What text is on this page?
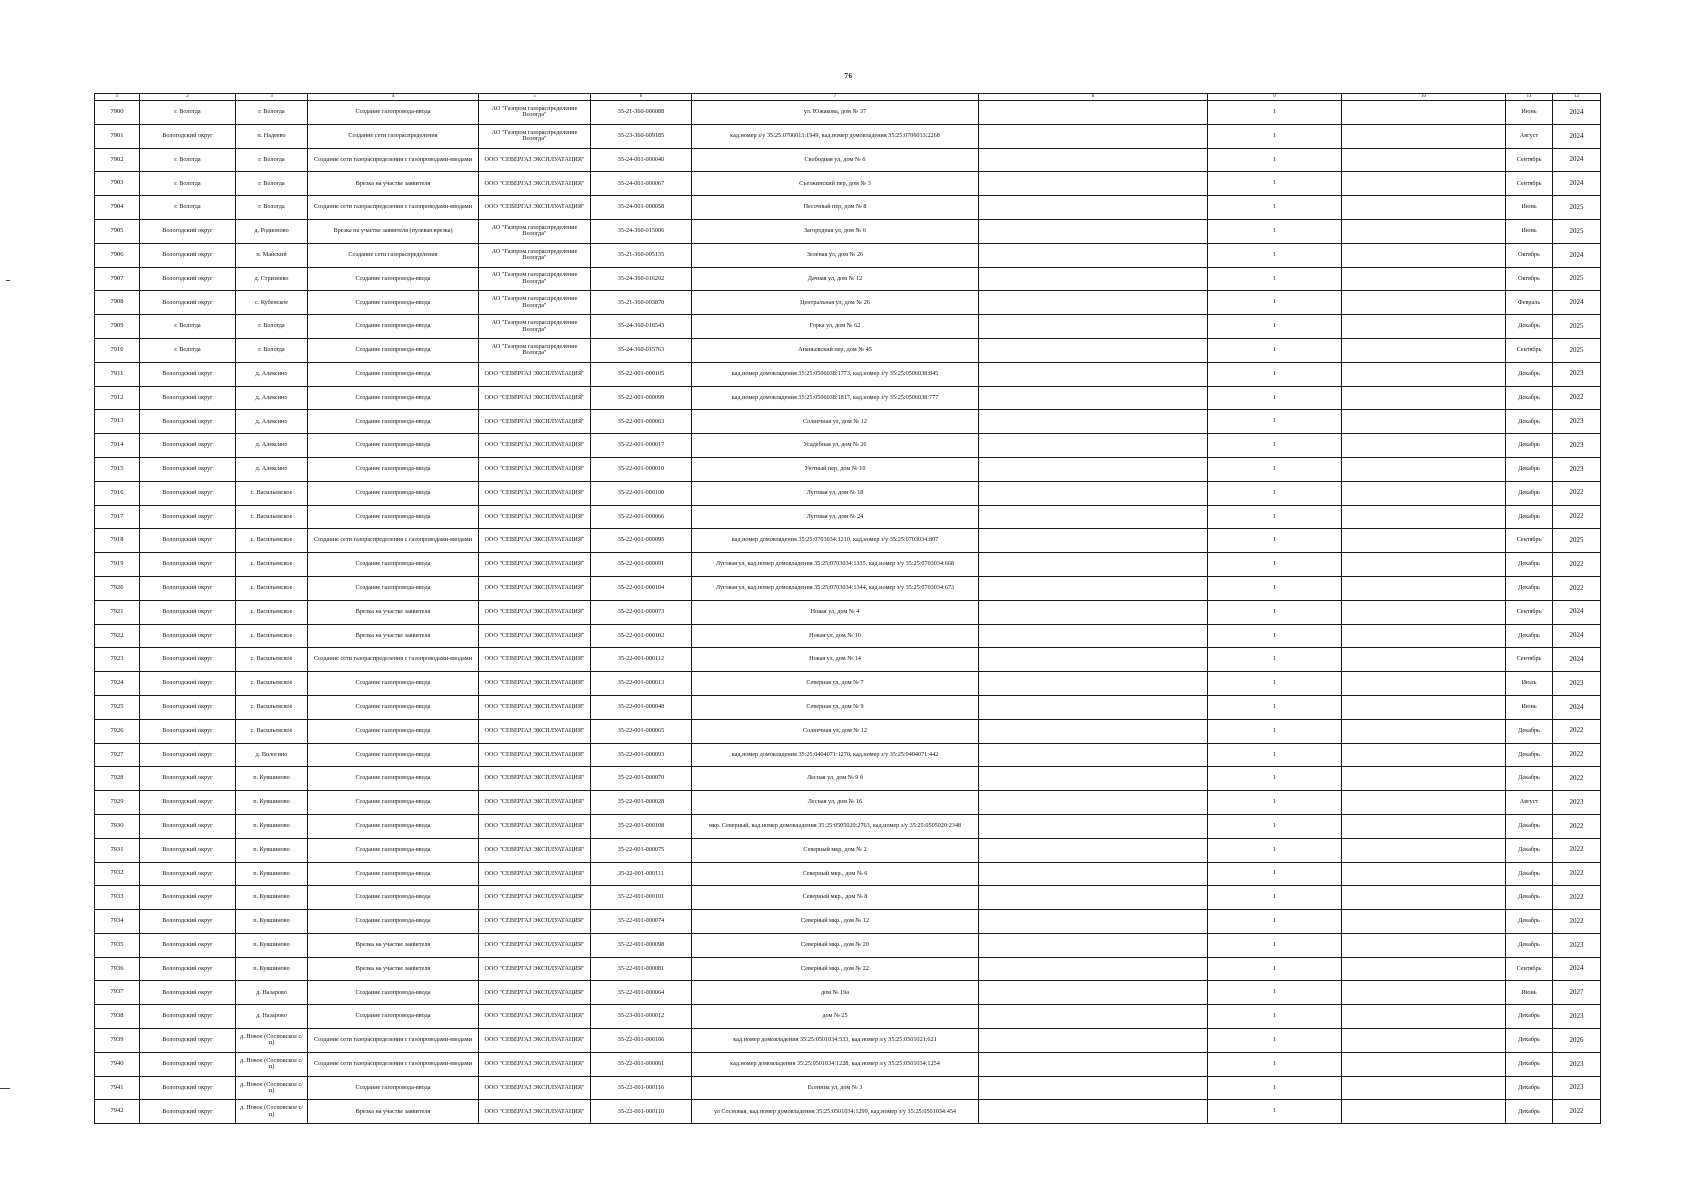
76
1	2	3	4	5	6	7	8	9	10	11	12
7900	г. Вологда	г. Вологда	Создание газопровода-ввода	АО "Газпром газораспределение Вологда"	35-21-360-006088	ул. Южакова, дом № 37		1		Июнь	2024
7901	Вологодский округ	п. Надеево	Создание сети газораспределения	АО "Газпром газораспределение Вологда"	35-23-360-009185	кад.номер з/у 35:25:0706013:1949, кад.номер домовладения 35:25:0706013:2268		1		Август	2024
7902	г. Вологда	г. Вологда	Создание сети газораспределения с газопроводами-вводами	ООО "СЕВЕРГАЗ ЭКСПЛУАТАЦИЯ"	35-24-001-000040	Свободная ул, дом № 6		1		Сентябрь	2024
7903	г. Вологда	г. Вологда	Врезка на участке заявителя	ООО "СЕВЕРГАЗ ЭКСПЛУАТАЦИЯ"	35-24-001-000067	Съезжинский пер, дом № 3		1		Сентябрь	2024
7904	г. Вологда	г. Вологда	Создание сети газораспределения с газопроводами-вводами	ООО "СЕВЕРГАЗ ЭКСПЛУАТАЦИЯ"	35-24-001-000058	Песочный пер, дом № 8		1		Июнь	2025
7905	Вологодский округ	д. Родионово	Врезка на участке заявителя (нулевая врезка)	АО "Газпром газораспределение Вологда"	35-24-360-015006	Загородная ул, дом № 6		1		Июнь	2025
7906	Вологодский округ	п. Майский	Создание сети газораспределения	АО "Газпром газораспределение Вологда"	35-21-360-005135	Зеленая ул, дом № 26		1		Октябрь	2024
7907	Вологодский округ	д. Стризнево	Создание газопровода-ввода	АО "Газпром газораспределение Вологда"	35-24-360-016202	Дачная ул, дом № 12		1		Октябрь	2025
7908	Вологодский округ	с. Кубенское	Создание газопровода-ввода	АО "Газпром газораспределение Вологда"	35-21-360-003870	Центральная ул, дом № 26		1		Февраль	2024
7909	г. Вологда	г. Вологда	Создание газопровода-ввода	АО "Газпром газораспределение Вологда"	35-24-360-016543	Горка ул, дом № 62		1		Декабрь	2025
7910	г. Вологда	г. Вологда	Создание газопровода-ввода	АО "Газпром газораспределение Вологда"	35-24-360-015763	Ананьевский пер, дом № 45		1		Сентябрь	2025
7911	Вологодский округ	д. Алексино	Создание газопровода-ввода	ООО "СЕВЕРГАЗ ЭКСПЛУАТАЦИЯ"	35-22-001-000105	кад.номер домовладения 35:25:0506038:1773, кад.номер з/у 35:25:0506038:845		1		Декабрь	2023
7912	Вологодский округ	д. Алексино	Создание газопровода-ввода	ООО "СЕВЕРГАЗ ЭКСПЛУАТАЦИЯ"	35-22-001-000099	кад.номер домовладения 35:25:0506038:1817, кад.номер з/у 35:25:0506038:777		1		Декабрь	2022
7913	Вологодский округ	д. Алексино	Создание газопровода-ввода	ООО "СЕВЕРГАЗ ЭКСПЛУАТАЦИЯ"	35-22-001-000063	Солнечная ул, дом № 12		1		Декабрь	2023
7914	Вологодский округ	д. Алексино	Создание газопровода-ввода	ООО "СЕВЕРГАЗ ЭКСПЛУАТАЦИЯ"	35-22-001-000017	Усадебная ул, дом № 26		1		Декабрь	2023
7915	Вологодский округ	д. Алексино	Создание газопровода-ввода	ООО "СЕВЕРГАЗ ЭКСПЛУАТАЦИЯ"	35-22-001-000010	Уютный пер, дом № 10		1		Декабрь	2023
7916	Вологодский округ	с. Васильевское	Создание газопровода-ввода	ООО "СЕВЕРГАЗ ЭКСПЛУАТАЦИЯ"	35-22-001-000100	Луговая ул, дом № 18		1		Декабрь	2022
7917	Вологодский округ	с. Васильевское	Создание газопровода-ввода	ООО "СЕВЕРГАЗ ЭКСПЛУАТАЦИЯ"	35-22-001-000066	Луговая ул, дом № 24		1		Декабрь	2022
7918	Вологодский округ	с. Васильевское	Создание сети газораспределения с газопроводами-вводами	ООО "СЕВЕРГАЗ ЭКСПЛУАТАЦИЯ"	35-22-001-000095	кад.номер домовладения 35:25:0703034:1210, кад.номер з/у 35:25:0703034:807		1		Сентябрь	2025
7919	Вологодский округ	с. Васильевское	Создание газопровода-ввода	ООО "СЕВЕРГАЗ ЭКСПЛУАТАЦИЯ"	35-22-001-000091	Луговая ул, кад.номер домовладения 35:25:0703034:1335, кад.номер з/у 35:25:0703034:668		1		Декабрь	2022
7920	Вологодский округ	с. Васильевское	Создание газопровода-ввода	ООО "СЕВЕРГАЗ ЭКСПЛУАТАЦИЯ"	35-22-001-000104	Луговая ул, кад.номер домовладения 35:25:0703034:1344, кад.номер з/у 35:25:0703034:673		1		Декабрь	2022
7921	Вологодский округ	с. Васильевское	Врезка на участке заявителя	ООО "СЕВЕРГАЗ ЭКСПЛУАТАЦИЯ"	35-22-001-000073	Новая ул, дом № 4		1		Сентябрь	2024
7922	Вологодский округ	с. Васильевское	Врезка на участке заявителя	ООО "СЕВЕРГАЗ ЭКСПЛУАТАЦИЯ"	35-22-001-000102	Новая ул, дом № 10		1		Декабрь	2024
7923	Вологодский округ	с. Васильевское	Создание сети газораспределения с газопроводами-вводами	ООО "СЕВЕРГАЗ ЭКСПЛУАТАЦИЯ"	35-22-001-000112	Новая ул, дом № 14		1		Сентябрь	2024
7924	Вологодский округ	с. Васильевское	Создание газопровода-ввода	ООО "СЕВЕРГАЗ ЭКСПЛУАТАЦИЯ"	35-22-001-000013	Северная ул, дом № 7		1		Июль	2023
7925	Вологодский округ	с. Васильевское	Создание газопровода-ввода	ООО "СЕВЕРГАЗ ЭКСПЛУАТАЦИЯ"	35-22-001-000048	Северная ул, дом № 9		1		Июнь	2024
7926	Вологодский округ	с. Васильевское	Создание газопровода-ввода	ООО "СЕВЕРГАЗ ЭКСПЛУАТАЦИЯ"	35-22-001-000065	Солнечная ул, дом № 12		1		Декабрь	2022
7927	Вологодский округ	д. Вологино	Создание газопровода-ввода	ООО "СЕВЕРГАЗ ЭКСПЛУАТАЦИЯ"	35-22-001-000093	кад.номер домовладения 35:25:0404071:1270, кад.номер з/у 35:25:0404071:442		1		Декабрь	2022
7928	Вологодский округ	п. Кувшиново	Создание газопровода-ввода	ООО "СЕВЕРГАЗ ЭКСПЛУАТАЦИЯ"	35-22-001-000070	Лесная ул, дом № 9 б		1		Декабрь	2022
7929	Вологодский округ	п. Кувшиново	Создание газопровода-ввода	ООО "СЕВЕРГАЗ ЭКСПЛУАТАЦИЯ"	35-22-001-000028	Лесная ул, дом № 16		1		Август	2023
7930	Вологодский округ	п. Кувшиново	Создание газопровода-ввода	ООО "СЕВЕРГАЗ ЭКСПЛУАТАЦИЯ"	35-22-001-000108	мкр. Северный, кад.номер домовладения 35:25:0505020:2763, кад.номер з/у 35:25:0505020:2348		1		Декабрь	2022
7931	Вологодский округ	п. Кувшиново	Создание газопровода-ввода	ООО "СЕВЕРГАЗ ЭКСПЛУАТАЦИЯ"	35-22-001-000075	Северный мкр, дом № 2		1		Декабрь	2022
7932	Вологодский округ	п. Кувшиново	Создание газопровода-ввода	ООО "СЕВЕРГАЗ ЭКСПЛУАТАЦИЯ"	35-22-001-000111	Северный мкр., дом № 6		1		Декабрь	2022
7933	Вологодский округ	п. Кувшиново	Создание газопровода-ввода	ООО "СЕВЕРГАЗ ЭКСПЛУАТАЦИЯ"	35-22-001-000101	Северный мкр., дом № 8		1		Декабрь	2022
7934	Вологодский округ	п. Кувшиново	Создание газопровода-ввода	ООО "СЕВЕРГАЗ ЭКСПЛУАТАЦИЯ"	35-22-001-000074	Северный мкр., дом № 12		1		Декабрь	2022
7935	Вологодский округ	п. Кувшиново	Врезка на участке заявителя	ООО "СЕВЕРГАЗ ЭКСПЛУАТАЦИЯ"	35-22-001-000098	Северный мкр., дом № 20		1		Декабрь	2023
7936	Вологодский округ	п. Кувшиново	Врезка на участке заявителя	ООО "СЕВЕРГАЗ ЭКСПЛУАТАЦИЯ"	35-22-001-000081	Северный мкр., дом № 22		1		Сентябрь	2024
7937	Вологодский округ	д. Назарово	Создание газопровода-ввода	ООО "СЕВЕРГАЗ ЭКСПЛУАТАЦИЯ"	35-22-001-000064	дом № 19а		1		Июнь	2027
7938	Вологодский округ	д. Назарово	Создание газопровода-ввода	ООО "СЕВЕРГАЗ ЭКСПЛУАТАЦИЯ"	35-23-001-000012	дом № 25		1		Декабрь	2023
7939	Вологодский округ	д. Новое (Сосновское с/п)	Создание сети газораспределения с газопроводами-вводами	ООО "СЕВЕРГАЗ ЭКСПЛУАТАЦИЯ"	35-22-001-000106	кад.номер домовладения 35:25:0501034:533, кад.номер з/у 35:25:0501021:621		1		Декабрь	2026
7940	Вологодский округ	д. Новое (Сосновское с/п)	Создание сети газораспределения с газопроводами-вводами	ООО "СЕВЕРГАЗ ЭКСПЛУАТАЦИЯ"	35-22-001-000061	кад.номер домовладения 35:25:0501034:1228, кад.номер з/у 35:25:0501034:1254		1		Декабрь	2023
7941	Вологодский округ	д. Новое (Сосновское с/п)	Создание газопровода-ввода	ООО "СЕВЕРГАЗ ЭКСПЛУАТАЦИЯ"	35-22-001-000116	Есенина ул, дом № 3		1		Декабрь	2023
7942	Вологодский округ	д. Новое (Сосновское с/п)	Врезка на участке заявителя	ООО "СЕВЕРГАЗ ЭКСПЛУАТАЦИЯ"	35-22-001-000110	ул Сосновая, кад.номер домовладения 35:25:0501034:1299, кад.номер з/у 35:25:0501034:454		1		Декабрь	2022
